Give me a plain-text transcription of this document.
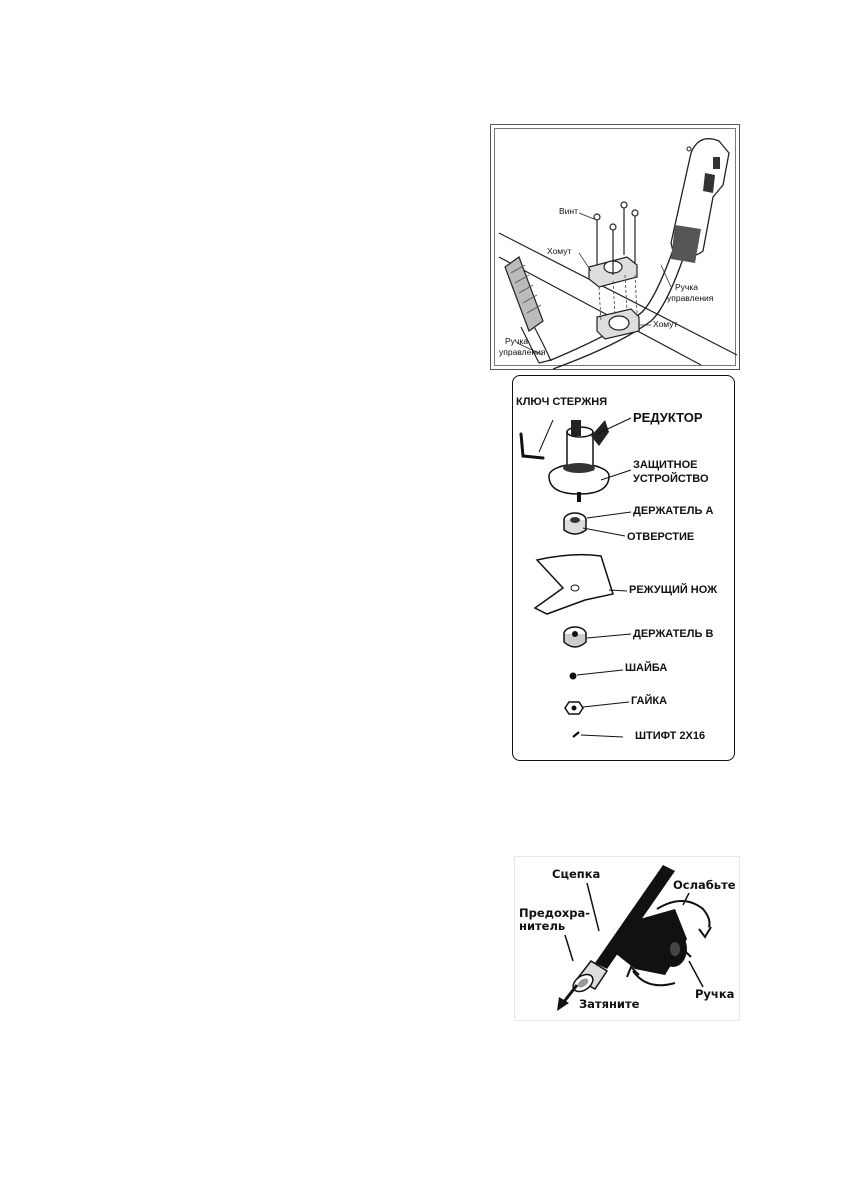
Винт
Хомут
Ручка
управления
Хомут
Ручка
управления
КЛЮЧ СТЕРЖНЯ
РЕДУКТОР
ЗАЩИТНОЕ
УСТРОЙСТВО
ДЕРЖАТЕЛЬ А
ОТВЕРСТИЕ
РЕЖУЩИЙ НОЖ
ДЕРЖАТЕЛЬ В
ШАЙБА
ГАЙКА
ШТИФТ 2X16
Сцепка
Предохра-
нитель
Ослабьте
Затяните
Ручка
